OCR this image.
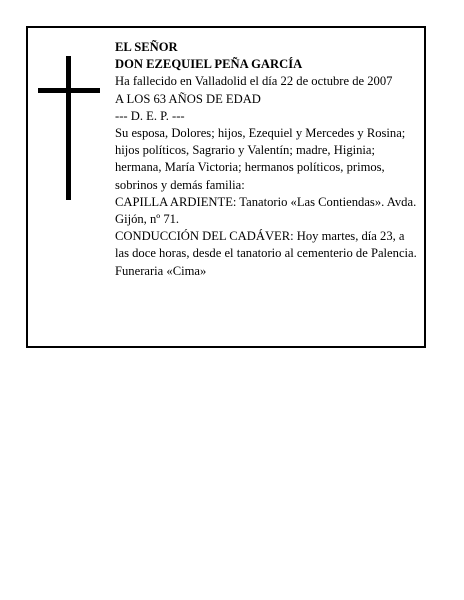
EL SEÑOR
DON EZEQUIEL PEÑA GARCÍA
Ha fallecido en Valladolid el día 22 de octubre de 2007
A LOS 63 AÑOS DE EDAD
--- D. E. P. ---
Su esposa, Dolores; hijos, Ezequiel y Mercedes y Rosina; hijos políticos, Sagrario y Valentín; madre, Higinia; hermana, María Victoria; hermanos políticos, primos, sobrinos y demás familia:
CAPILLA ARDIENTE: Tanatorio «Las Contiendas». Avda. Gijón, nº 71.
CONDUCCIÓN DEL CADÁVER: Hoy martes, día 23, a las doce horas, desde el tanatorio al cementerio de Palencia.
Funeraria «Cima»
